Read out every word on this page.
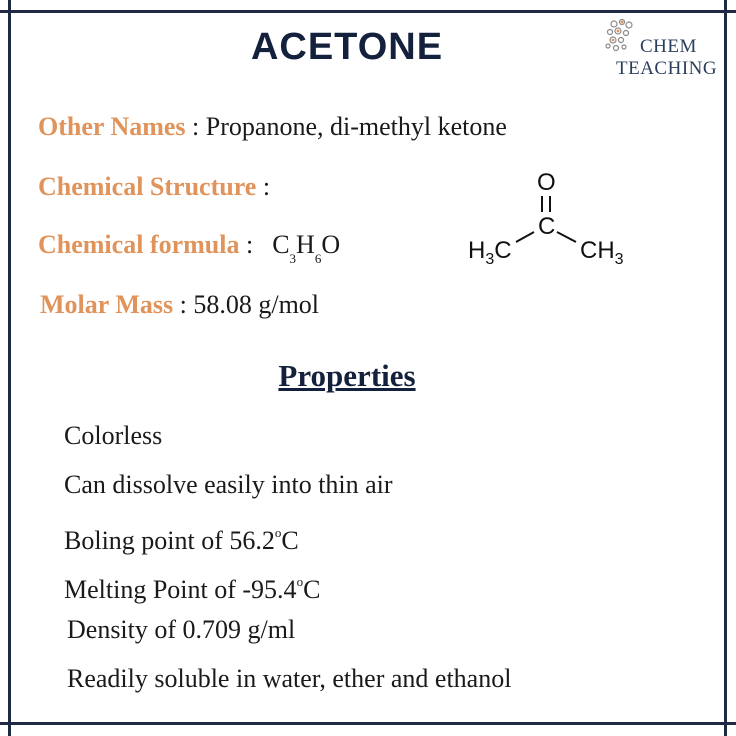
CHEM
TEACHING
ACETONE
Other Names : Propanone, di-methyl ketone
Chemical Structure :
Chemical formula :  $C_3H_6O$
O
C
$H_3C$	$CH_3$
Molar Mass : 58.08 g/mol
Properties
Colorless
Can dissolve easily into thin air
Boling point of 56.2$^o$C
Melting Point of -95.4$^o$C
Density of 0.709 g/ml
Readily soluble in water, ether and ethanol
